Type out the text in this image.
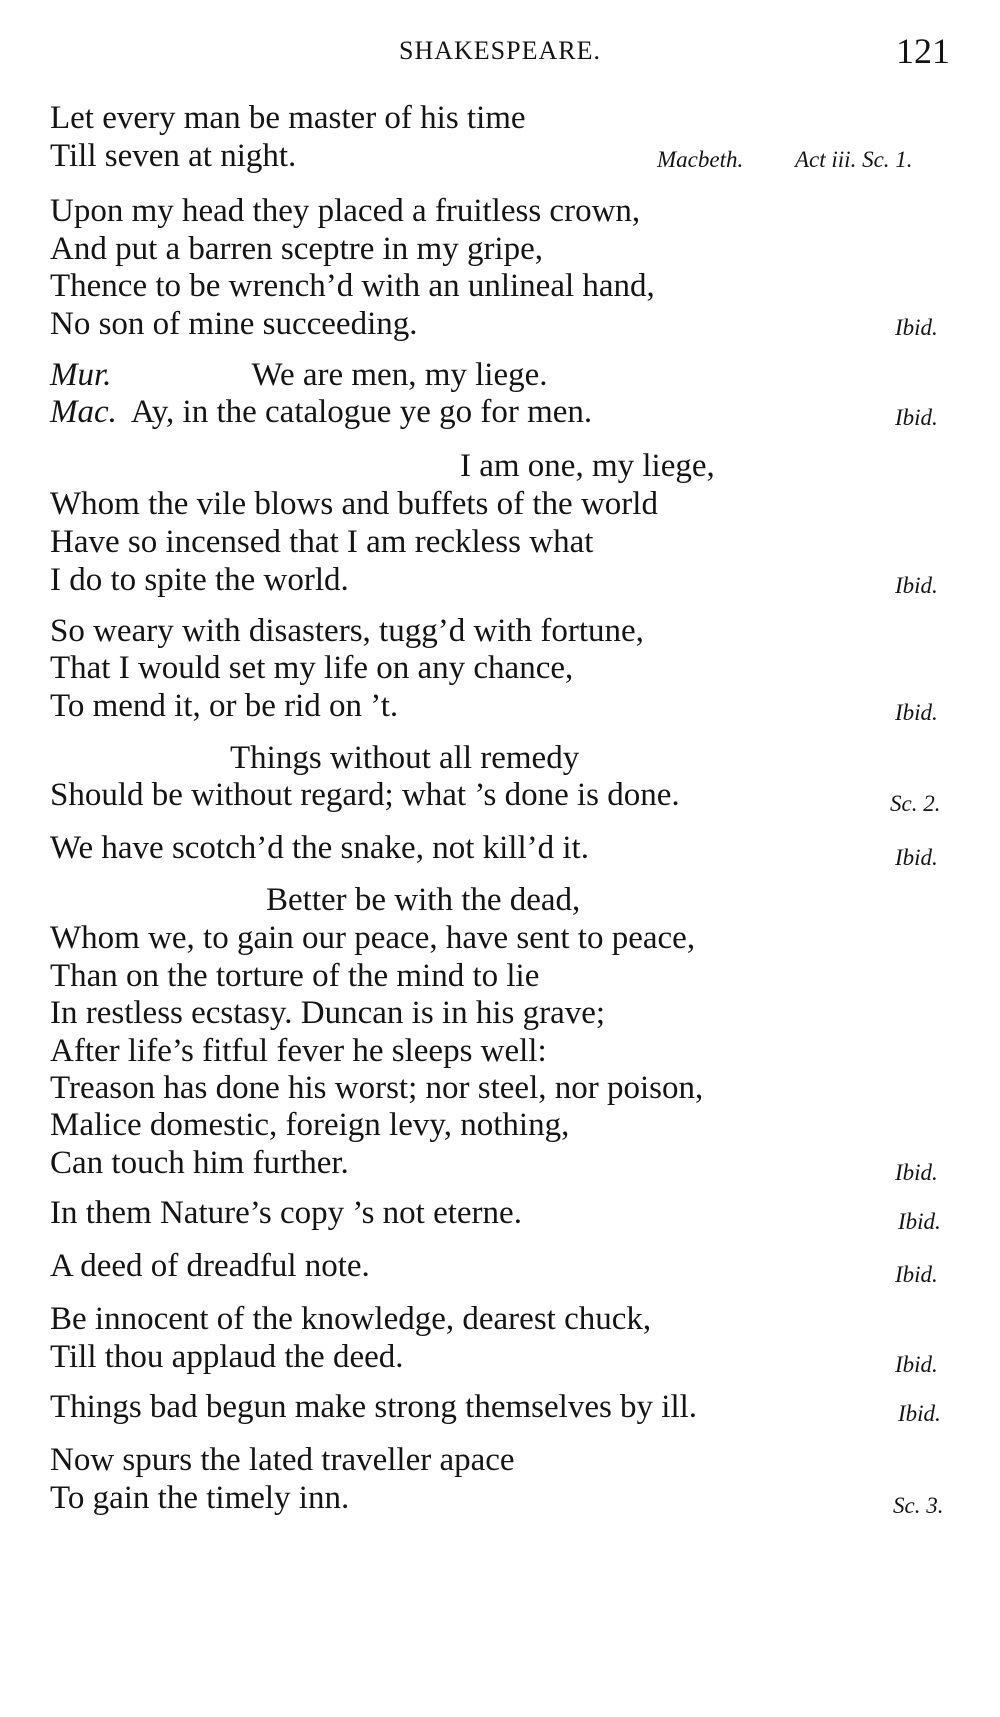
SHAKESPEARE.	121
Let every man be master of his time
Till seven at night.	Macbeth. Act iii. Sc. 1.
Upon my head they placed a fruitless crown,
And put a barren sceptre in my gripe,
Thence to be wrench’d with an unlineal hand,
No son of mine succeeding.	Ibid.
Mur.	We are men, my liege.
Mac. Ay, in the catalogue ye go for men.	Ibid.
I am one, my liege,
Whom the vile blows and buffets of the world
Have so incensed that I am reckless what
I do to spite the world.	Ibid.
So weary with disasters, tugg’d with fortune,
That I would set my life on any chance,
To mend it, or be rid on ’t.	Ibid.
Things without all remedy
Should be without regard; what ’s done is done.	Sc. 2.
We have scotch’d the snake, not kill’d it.	Ibid.
Better be with the dead,
Whom we, to gain our peace, have sent to peace,
Than on the torture of the mind to lie
In restless ecstasy. Duncan is in his grave;
After life’s fitful fever he sleeps well:
Treason has done his worst; nor steel, nor poison,
Malice domestic, foreign levy, nothing,
Can touch him further.	Ibid.
In them Nature’s copy ’s not eterne.	Ibid.
A deed of dreadful note.	Ibid.
Be innocent of the knowledge, dearest chuck,
Till thou applaud the deed.	Ibid.
Things bad begun make strong themselves by ill.	Ibid.
Now spurs the lated traveller apace
To gain the timely inn.	Sc. 3.
